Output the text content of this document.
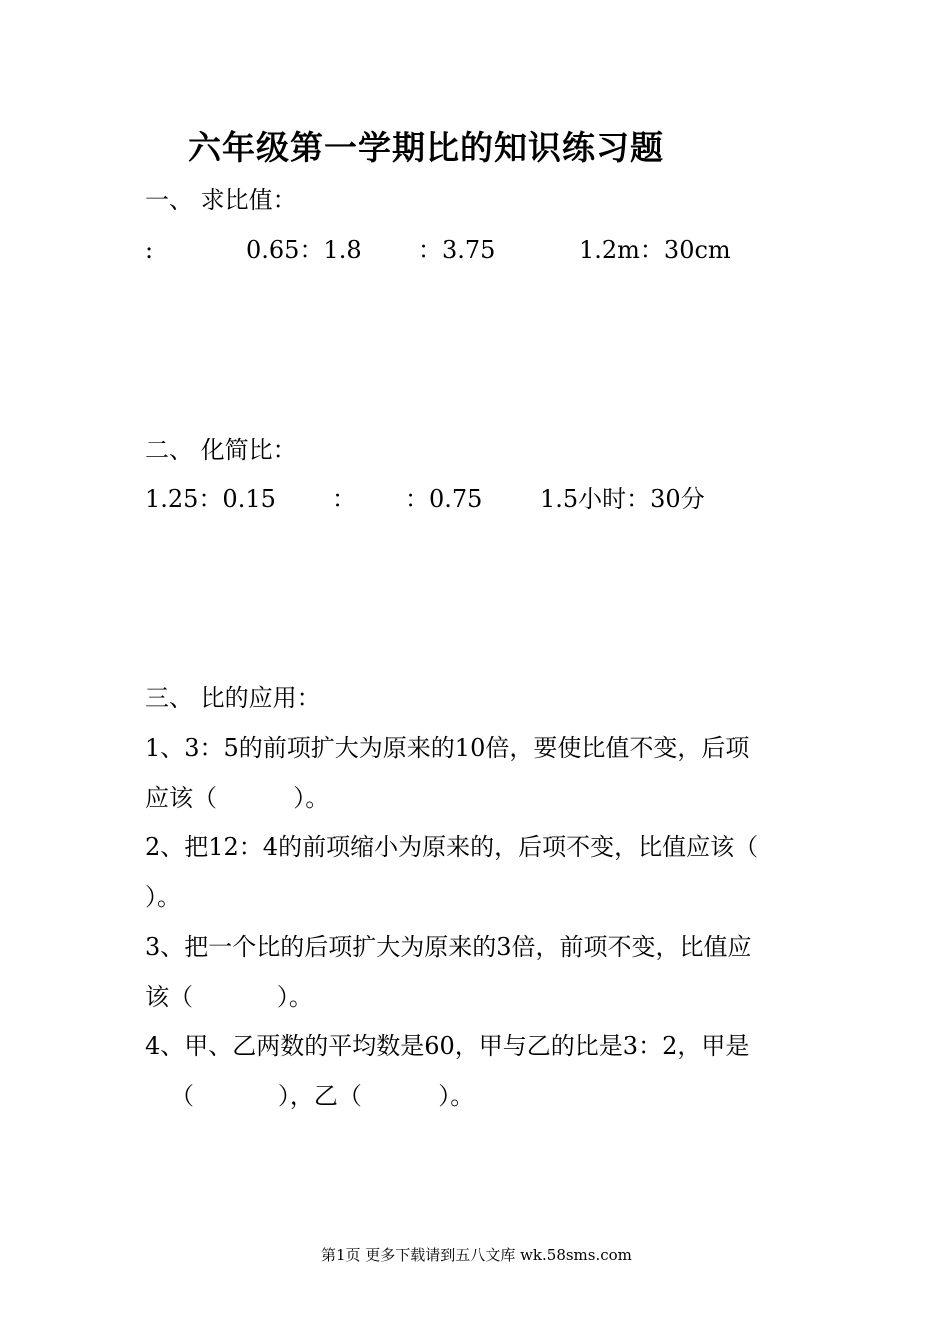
六年级第一学期比的知识练习题
一、 求比值：
:	0.65：1.8 ：3.75	1.2m：30cm
二、 化简比：
1.25：0.15 ： ：0.75 1.5小时：30分
三、 比的应用：
1、3：5的前项扩大为原来的10倍，要使比值不变，后项
应该（          ）。
2、把12：4的前项缩小为原来的，后项不变，比值应该（
）。
3、把一个比的后项扩大为原来的3倍，前项不变，比值应
该（           ）。
4、甲、乙两数的平均数是60，甲与乙的比是3：2，甲是
（           ），乙（          ）。
第1页 更多下载请到五八文库 wk.58sms.com
